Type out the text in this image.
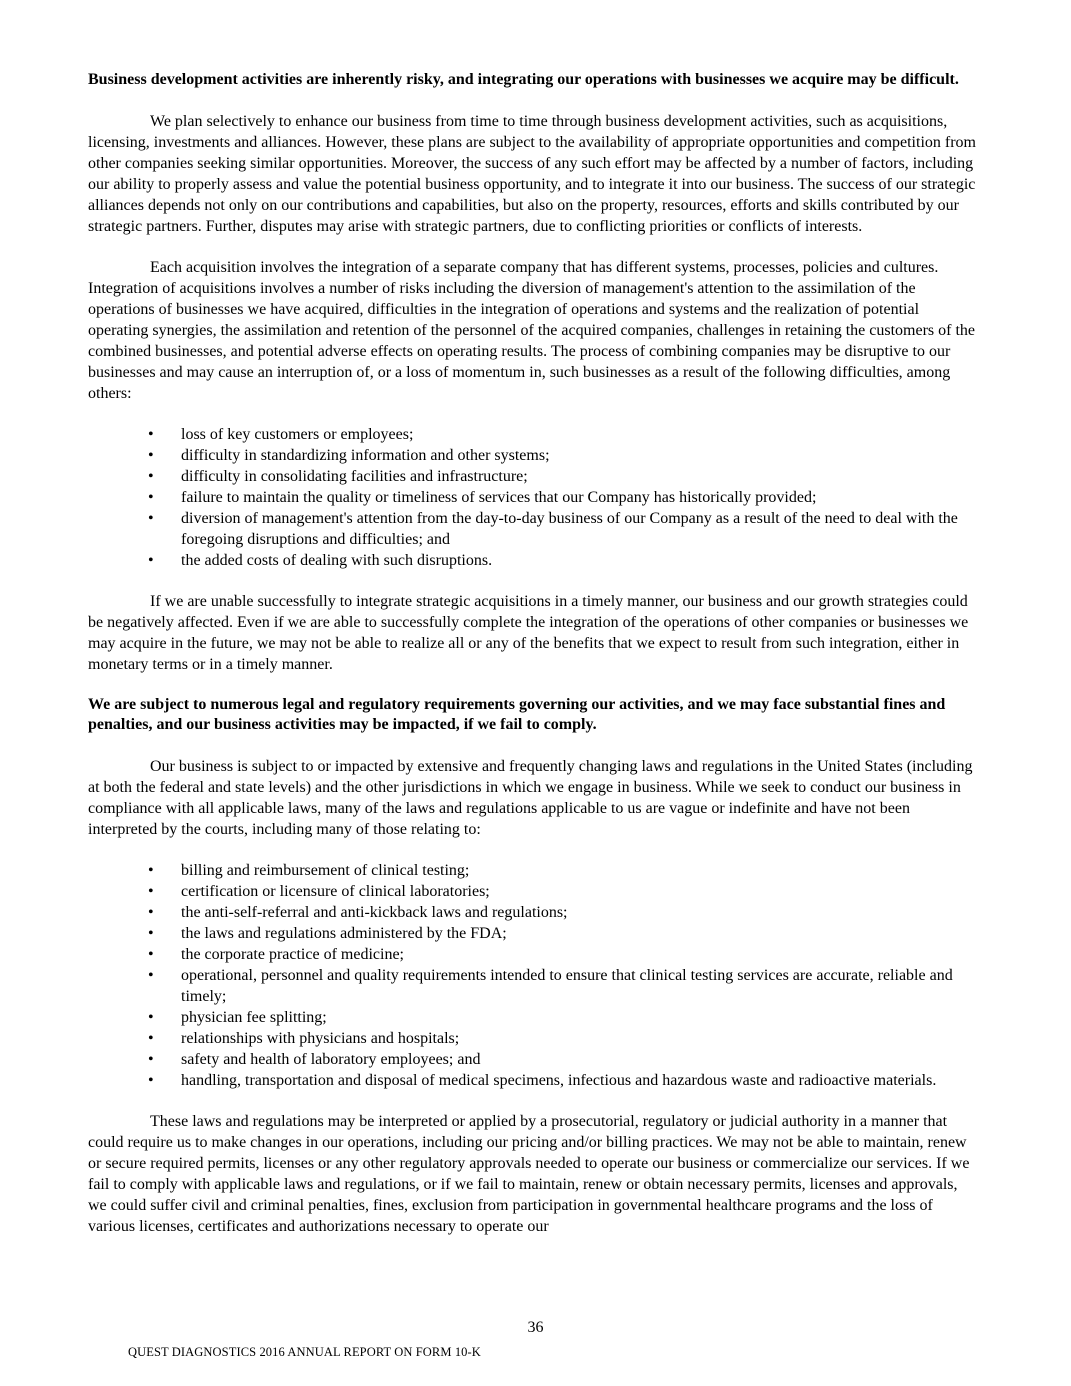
Business development activities are inherently risky, and integrating our operations with businesses we acquire may be difficult.

We plan selectively to enhance our business from time to time through business development activities, such as acquisitions, licensing, investments and alliances. However, these plans are subject to the availability of appropriate opportunities and competition from other companies seeking similar opportunities. Moreover, the success of any such effort may be affected by a number of factors, including our ability to properly assess and value the potential business opportunity, and to integrate it into our business. The success of our strategic alliances depends not only on our contributions and capabilities, but also on the property, resources, efforts and skills contributed by our strategic partners. Further, disputes may arise with strategic partners, due to conflicting priorities or conflicts of interests.

Each acquisition involves the integration of a separate company that has different systems, processes, policies and cultures. Integration of acquisitions involves a number of risks including the diversion of management's attention to the assimilation of the operations of businesses we have acquired, difficulties in the integration of operations and systems and the realization of potential operating synergies, the assimilation and retention of the personnel of the acquired companies, challenges in retaining the customers of the combined businesses, and potential adverse effects on operating results. The process of combining companies may be disruptive to our businesses and may cause an interruption of, or a loss of momentum in, such businesses as a result of the following difficulties, among others:

• loss of key customers or employees;
• difficulty in standardizing information and other systems;
• difficulty in consolidating facilities and infrastructure;
• failure to maintain the quality or timeliness of services that our Company has historically provided;
• diversion of management's attention from the day-to-day business of our Company as a result of the need to deal with the foregoing disruptions and difficulties; and
• the added costs of dealing with such disruptions.

If we are unable successfully to integrate strategic acquisitions in a timely manner, our business and our growth strategies could be negatively affected. Even if we are able to successfully complete the integration of the operations of other companies or businesses we may acquire in the future, we may not be able to realize all or any of the benefits that we expect to result from such integration, either in monetary terms or in a timely manner.

We are subject to numerous legal and regulatory requirements governing our activities, and we may face substantial fines and penalties, and our business activities may be impacted, if we fail to comply.

Our business is subject to or impacted by extensive and frequently changing laws and regulations in the United States (including at both the federal and state levels) and the other jurisdictions in which we engage in business. While we seek to conduct our business in compliance with all applicable laws, many of the laws and regulations applicable to us are vague or indefinite and have not been interpreted by the courts, including many of those relating to:

• billing and reimbursement of clinical testing;
• certification or licensure of clinical laboratories;
• the anti-self-referral and anti-kickback laws and regulations;
• the laws and regulations administered by the FDA;
• the corporate practice of medicine;
• operational, personnel and quality requirements intended to ensure that clinical testing services are accurate, reliable and timely;
• physician fee splitting;
• relationships with physicians and hospitals;
• safety and health of laboratory employees; and
• handling, transportation and disposal of medical specimens, infectious and hazardous waste and radioactive materials.

These laws and regulations may be interpreted or applied by a prosecutorial, regulatory or judicial authority in a manner that could require us to make changes in our operations, including our pricing and/or billing practices. We may not be able to maintain, renew or secure required permits, licenses or any other regulatory approvals needed to operate our business or commercialize our services. If we fail to comply with applicable laws and regulations, or if we fail to maintain, renew or obtain necessary permits, licenses and approvals, we could suffer civil and criminal penalties, fines, exclusion from participation in governmental healthcare programs and the loss of various licenses, certificates and authorizations necessary to operate our

36
QUEST DIAGNOSTICS 2016 ANNUAL REPORT ON FORM 10-K
